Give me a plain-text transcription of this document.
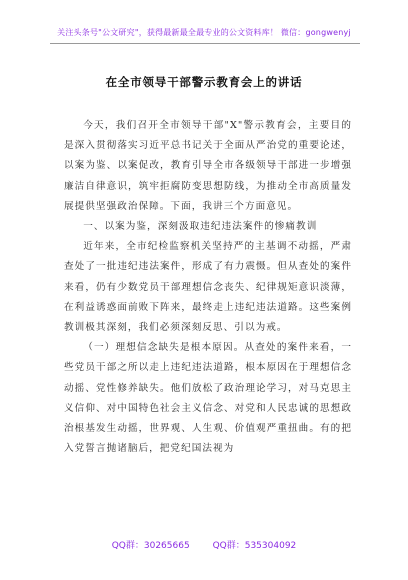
关注头条号"公文研究"，获得最新最全最专业的公文资料库！ 微信：gongwenyj
在全市领导干部警示教育会上的讲话

今天，我们召开全市领导干部"X"警示教育会，主要目的是深入贯彻落实习近平总书记关于全面从严治党的重要论述，以案为鉴、以案促改，教育引导全市各级领导干部进一步增强廉洁自律意识，筑牢拒腐防变思想防线，为推动全市高质量发展提供坚强政治保障。下面，我讲三个方面意见。

一、以案为鉴，深刻汲取违纪违法案件的惨痛教训

近年来，全市纪检监察机关坚持严的主基调不动摇，严肃查处了一批违纪违法案件，形成了有力震慑。但从查处的案件来看，仍有少数党员干部理想信念丧失、纪律规矩意识淡薄，在利益诱惑面前败下阵来，最终走上违纪违法道路。这些案例教训极其深刻，我们必须深刻反思、引以为戒。

（一）理想信念缺失是根本原因。从查处的案件来看，一些党员干部之所以走上违纪违法道路，根本原因在于理想信念动摇、党性修养缺失。他们放松了政治理论学习，对马克思主义信仰、对中国特色社会主义信念、对党和人民忠诚的思想政治根基发生动摇，世界观、人生观、价值观严重扭曲。有的把入党誓言抛诸脑后，把党纪国法视为

QQ群：30265665	QQ群：535304092
